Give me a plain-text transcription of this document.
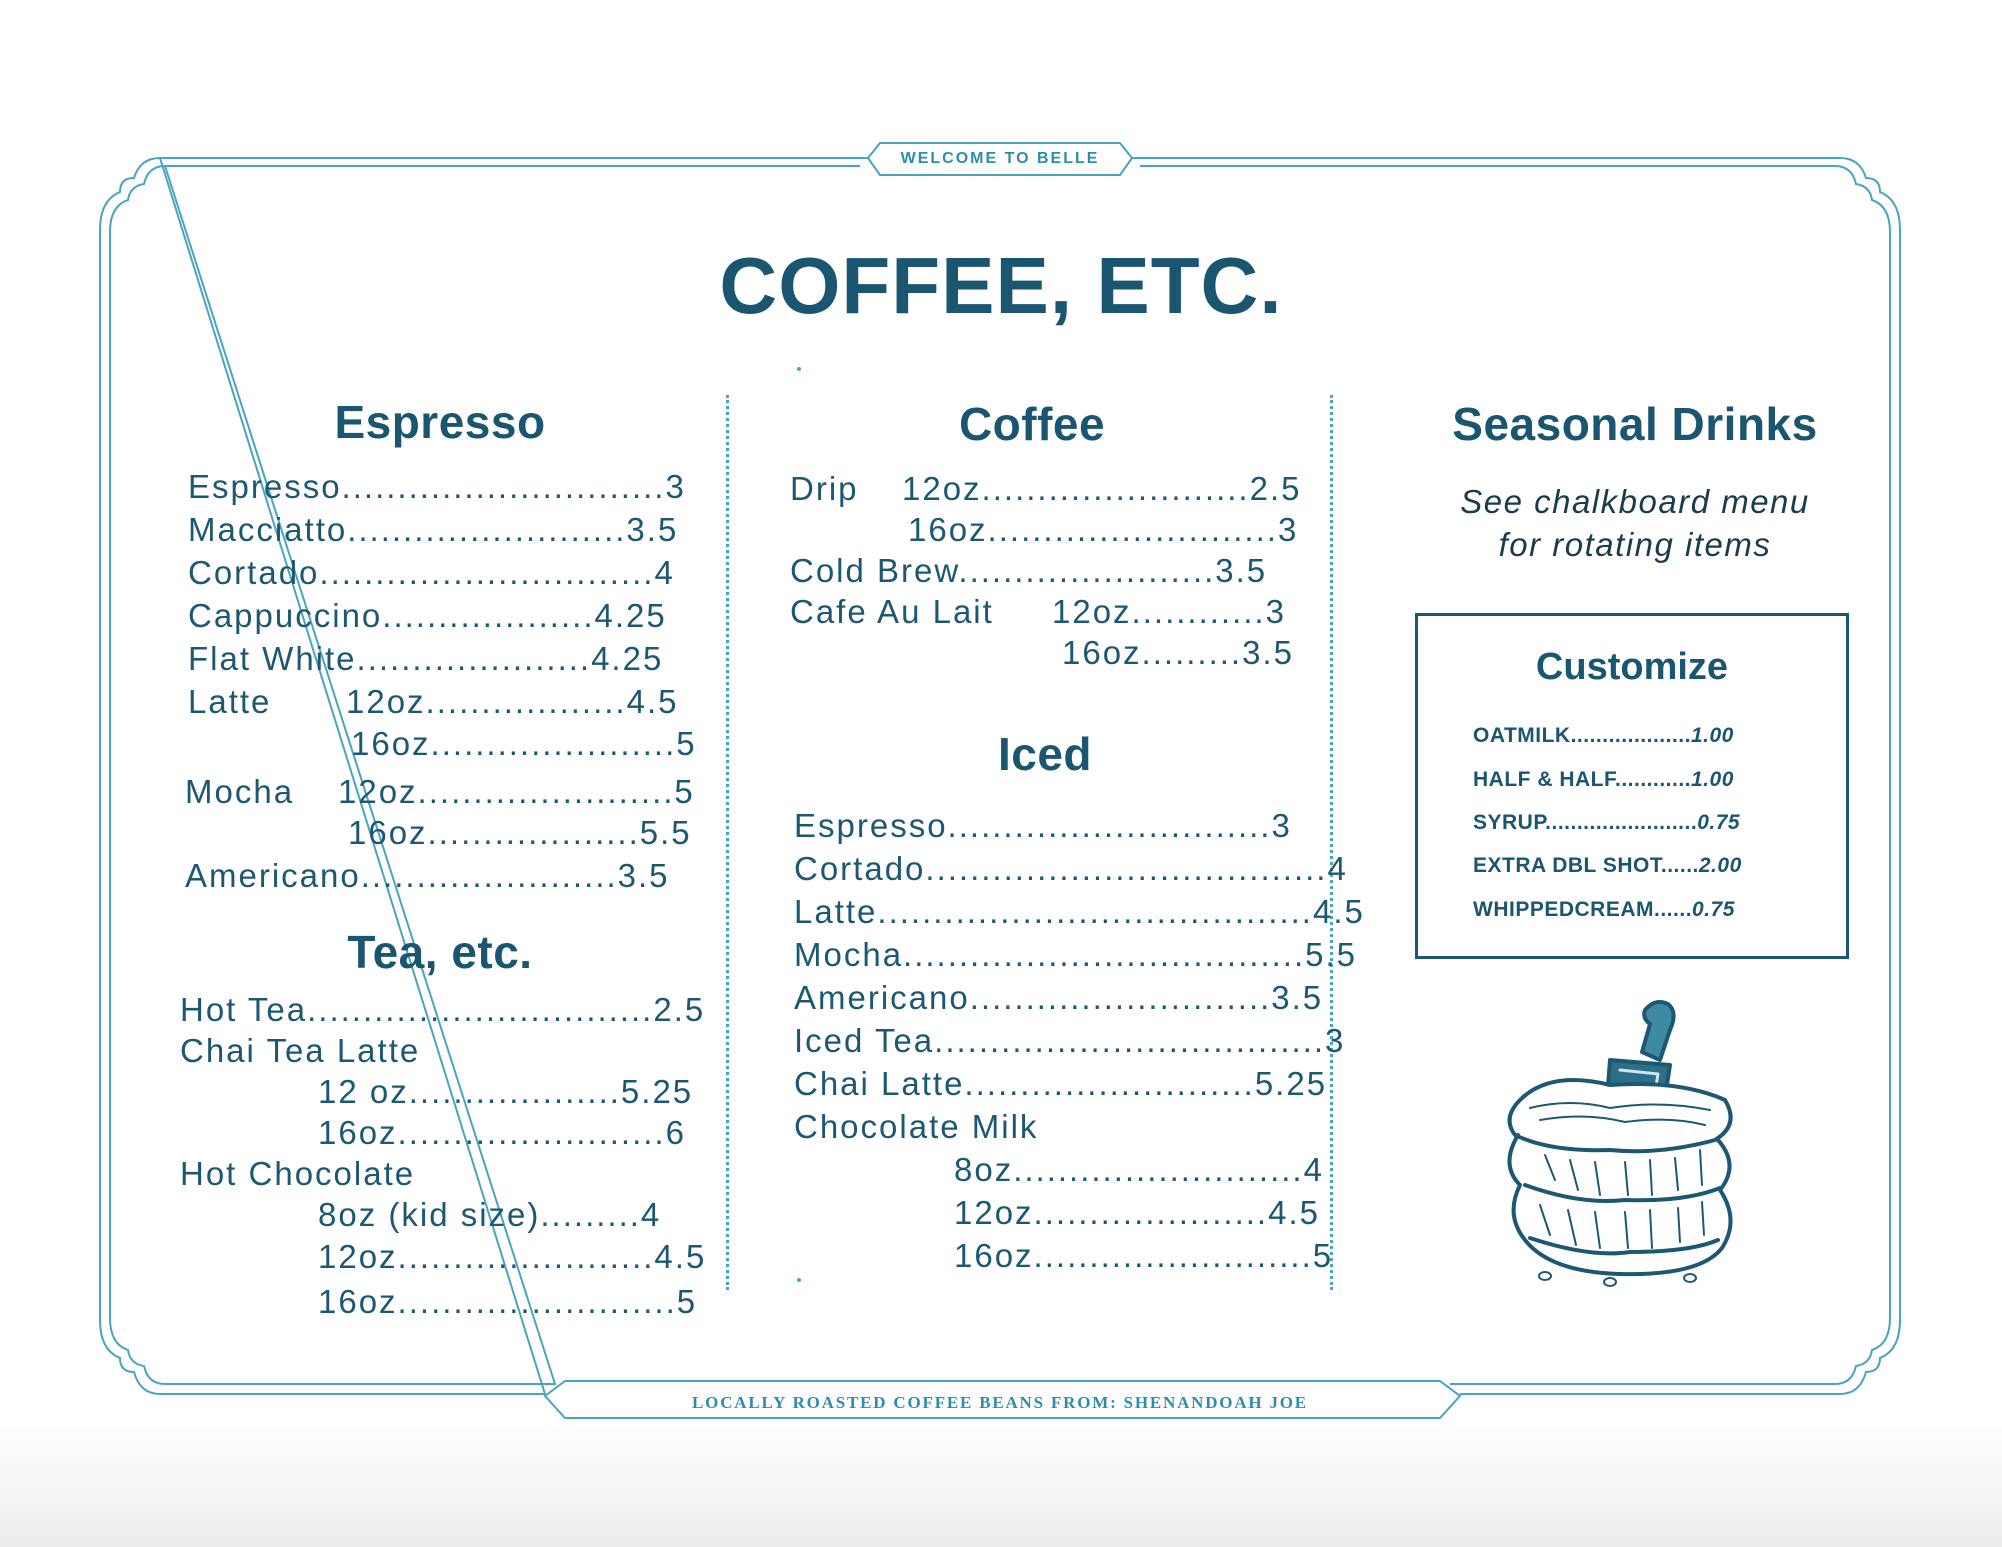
WELCOME TO BELLE
LOCALLY ROASTED COFFEE BEANS FROM: SHENANDOAH JOE
COFFEE, ETC.
Espresso
Espresso.............................3
Macciatto.........................3.5
Cortado..............................4
Cappuccino...................4.25
Flat White.....................4.25
Latte 12oz..................4.5
16oz......................5
Mocha 12oz.......................5
16oz...................5.5
Americano.......................3.5
Tea, etc.
Hot Tea...............................2.5
Chai Tea Latte
12 oz...................5.25
16oz........................6
Hot Chocolate
8oz (kid size).........4
12oz.......................4.5
16oz.........................5
Coffee
Drip 12oz........................2.5
16oz..........................3
Cold Brew.......................3.5
Cafe Au Lait 12oz............3
16oz.........3.5
Iced
Espresso.............................3
Cortado....................................4
Latte.......................................4.5
Mocha....................................5.5
Americano...........................3.5
Iced Tea...................................3
Chai Latte..........................5.25
Chocolate Milk
8oz..........................4
12oz.....................4.5
16oz.........................5
Seasonal Drinks
See chalkboard menu
for rotating items
Customize
OATMILK...................1.00
HALF & HALF............1.00
SYRUP........................0.75
EXTRA DBL SHOT......2.00
WHIPPEDCREAM......0.75
